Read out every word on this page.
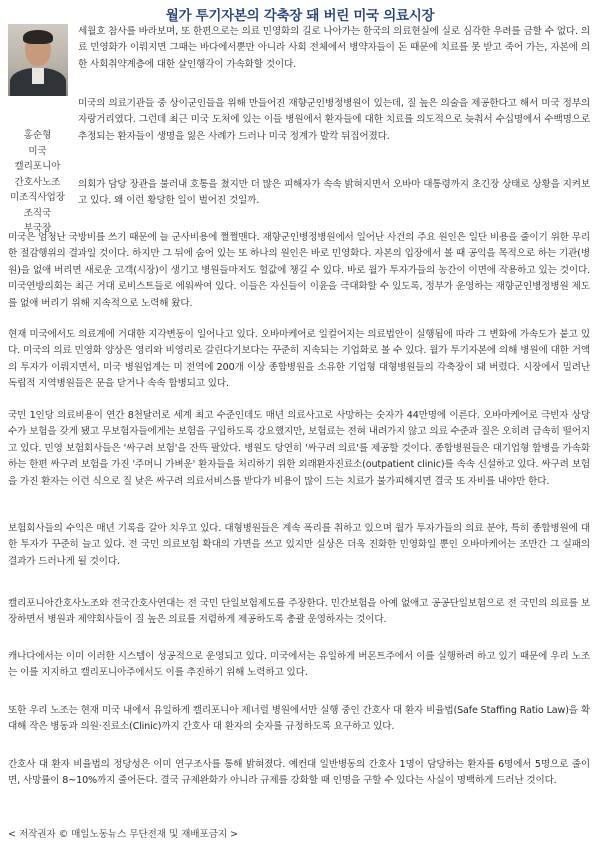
월가 투기자본의 각축장 돼 버린 미국 의료시장
홍순형
미국
캘리포니아
간호사노조
미조직사업장
조직국
부국장
세월호 참사를 바라보며, 또 한편으로는 의료 민영화의 길로 나아가는 한국의 의료현실에 실로 심각한 우려를 금할 수 없다. 의료 민영화가 이뤄지면 그때는 바다에서뿐만 아니라 사회 전체에서 병약자들이 돈 때문에 치료를 못 받고 죽어 가는, 자본에 의한 사회취약계층에 대한 살인행각이 가속화할 것이다.
미국의 의료기관들 중 상이군인들을 위해 만들어진 재향군인병정병원이 있는데, 질 높은 의술을 제공한다고 해서 미국 정부의 자랑거리였다. 그런데 최근 미국 도처에 있는 이들 병원에서 환자들에 대한 치료를 의도적으로 늦춰서 수십명에서 수백명으로 추정되는 환자들이 생명을 잃은 사례가 드러나 미국 정계가 발칵 뒤집어졌다.
의회가 담당 장관을 불러내 호통을 쳤지만 더 많은 피해자가 속속 밝혀지면서 오바마 대통령까지 초긴장 상태로 상황을 지켜보고 있다. 왜 이런 황당한 일이 벌어진 것일까.
미국은 엄청난 국방비를 쓰기 때문에 늘 군사비용에 쩔쩔맨다. 재향군인병정병원에서 일어난 사건의 주요 원인은 일단 비용을 줄이기 위한 무리한 절감행위의 결과일 것이다. 하지만 그 뒤에 숨어 있는 또 하나의 원인은 바로 민영화다. 자본의 입장에서 볼 때 공익을 목적으로 하는 기관(병원)을 없애 버리면 새로운 고객(시장)이 생기고 병원들마저도 헐값에 챙길 수 있다. 바로 월가 투자가들의 농간이 이면에 작용하고 있는 것이다. 미국연방의회는 최근 거대 로비스트들로 에워싸여 있다. 이들은 자신들이 이윤을 극대화할 수 있도록, 정부가 운영하는 재향군인병정병원 제도를 없애 버리기 위해 지속적으로 노력해 왔다.
현재 미국에서도 의료계에 거대한 지각변동이 일어나고 있다. 오바마케어로 일컬어지는 의료법안이 실행됨에 따라 그 변화에 가속도가 붙고 있다. 미국의 의료 민영화 양상은 영리와 비영리로 갈린다기보다는 꾸준히 지속되는 기업화로 볼 수 있다. 월가 투기자본에 의해 병원에 대한 거액의 투자가 이뤄지면서, 미국 병원업계는 미 전역에 200개 이상 종합병원을 소유한 기업형 대형병원들의 각축장이 돼 버렸다. 시장에서 밀려난 독립적 지역병원들은 문을 닫거나 속속 합병되고 있다.
국민 1인당 의료비용이 연간 8천달러로 세계 최고 수준인데도 매년 의료사고로 사망하는 숫자가 44만명에 이른다. 오바마케어로 극빈자 상당수가 보험을 갖게 됐고 무보험자들에게는 보험을 구입하도록 강요했지만, 보험료는 전혀 내려가지 않고 의료 수준과 질은 오히려 급속히 떨어지고 있다. 민영 보험회사들은 '싸구려 보험'을 잔뜩 팔았다. 병원도 당연히 '싸구려 의료'를 제공할 것이다. 종합병원들은 대기업형 합병을 가속화하는 한편 싸구려 보험을 가진 '주머니 가벼운' 환자들을 처리하기 위한 외래환자진료소(outpatient clinic)를 속속 신설하고 있다. 싸구려 보험을 가진 환자는 이런 식으로 질 낮은 싸구려 의료서비스를 받다가 비용이 많이 드는 치료가 불가피해지면 결국 또 자비를 내야만 한다.
보험회사들의 수익은 매년 기록을 갈아 치우고 있다. 대형병원들은 계속 폭리를 취하고 있으며 월가 투자가들의 의료 분야, 특히 종합병원에 대한 투자가 꾸준히 늘고 있다. 전 국민 의료보험 확대의 가면을 쓰고 있지만 실상은 더욱 진화한 민영화일 뿐인 오바마케어는 조만간 그 실패의 결과가 드러나게 될 것이다.
캘리포니아간호사노조와 전국간호사연대는 전 국민 단일보험제도를 주장한다. 민간보험을 아예 없애고 공공단일보험으로 전 국민의 의료를 보장하면서 병원과 제약회사들이 질 높은 의료를 저렴하게 제공하도록 총괄 운영하자는 것이다.
캐나다에서는 이미 이러한 시스템이 성공적으로 운영되고 있다. 미국에서는 유일하게 버몬트주에서 이를 실행하려 하고 있기 때문에 우리 노조는 이를 지지하고 캘리포니아주에서도 이를 추진하기 위해 노력하고 있다.
또한 우리 노조는 현재 미국 내에서 유일하게 캘리포니아 제너럴 병원에서만 실행 중인 간호사 대 환자 비율법(Safe Staffing Ratio Law)을 확대해 작은 병동과 의원·진료소(Clinic)까지 간호사 대 환자의 숫자를 규정하도록 요구하고 있다.
간호사 대 환자 비율법의 정당성은 이미 연구조사를 통해 밝혀졌다. 예컨대 일반병동의 간호사 1명이 담당하는 환자를 6명에서 5명으로 줄이면, 사망률이 8~10%까지 줄어든다. 결국 규제완화가 아니라 규제를 강화할 때 인명을 구할 수 있다는 사실이 명백하게 드러난 것이다.
< 저작권자 © 매일노동뉴스 무단전재 및 재배포금지 >
